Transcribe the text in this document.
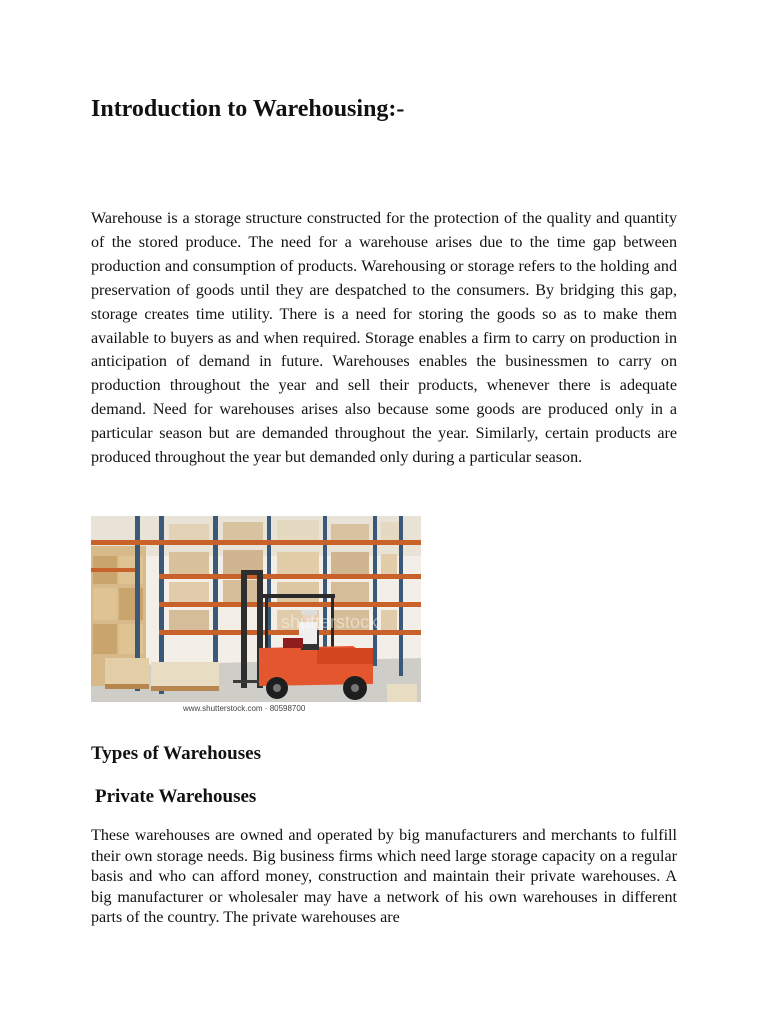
Introduction to Warehousing:-

Warehouse is a storage structure constructed for the protection of the quality and quantity of the stored produce. The need for a warehouse arises due to the time gap between production and consumption of products. Warehousing or storage refers to the holding and preservation of goods until they are despatched to the consumers. By bridging this gap, storage creates time utility. There is a need for storing the goods so as to make them available to buyers as and when required. Storage enables a firm to carry on production in anticipation of demand in future. Warehouses enables the businessmen to carry on production throughout the year and sell their products, whenever there is adequate demand. Need for warehouses arises also because some goods are produced only in a particular season but are demanded throughout the year. Similarly, certain products are produced throughout the year but demanded only during a particular season.

shutterstock
www.shutterstock.com · 80598700
Types of Warehouses
Private Warehouses

These warehouses are owned and operated by big manufacturers and merchants to fulfill their own storage needs. Big business firms which need large storage capacity on a regular basis and who can afford money, construction and maintain their private warehouses. A big manufacturer or wholesaler may have a network of his own warehouses in different parts of the country. The private warehouses are
